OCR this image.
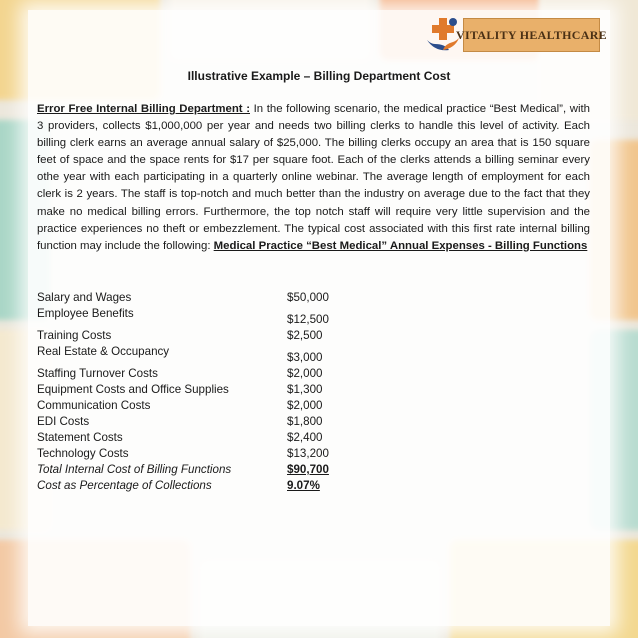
VITALITY HEALTHCARE
Illustrative Example – Billing Department Cost

Error Free Internal Billing Department : In the following scenario, the medical practice “Best Medical”, with 3 providers, collects $1,000,000 per year and needs two billing clerks to handle this level of activity. Each billing clerk earns an average annual salary of $25,000. The billing clerks occupy an area that is 150 square feet of space and the space rents for $17 per square foot. Each of the clerks attends a billing seminar every othe year with each participating in a quarterly online webinar. The average length of employment for each clerk is 2 years. The staff is top-notch and much better than the industry on average due to the fact that they make no medical billing errors. Furthermore, the top notch staff will require very little supervision and the practice experiences no theft or embezzlement. The typical cost associated with this first rate internal billing function may include the following: Medical Practice “Best Medical” Annual Expenses - Billing Functions

Salary and Wages	$50,000
Employee Benefits	$12,500
Training Costs	$2,500
Real Estate & Occupancy	$3,000
Staffing Turnover Costs	$2,000
Equipment Costs and Office Supplies	$1,300
Communication Costs	$2,000
EDI Costs	$1,800
Statement Costs	$2,400
Technology Costs	$13,200
Total Internal Cost of Billing Functions	$90,700
Cost as Percentage of Collections	9.07%
